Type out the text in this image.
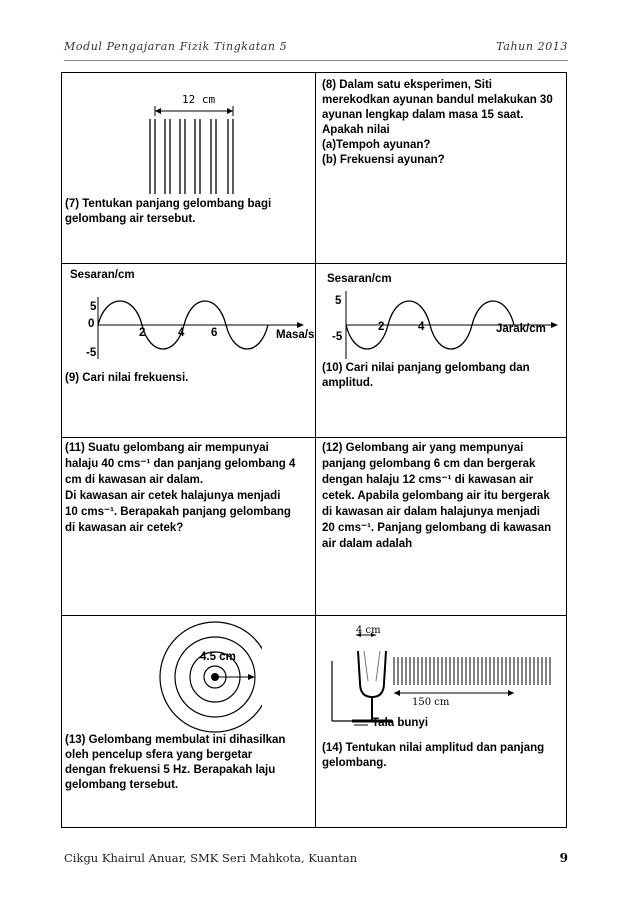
Modul Pengajaran Fizik Tingkatan 5	Tahun 2013
12 cm
(7) Tentukan panjang gelombang bagi
gelombang air tersebut.
(8) Dalam satu eksperimen, Siti
merekodkan ayunan bandul melakukan 30
ayunan lengkap dalam masa 15 saat.
Apakah nilai
(a)Tempoh ayunan?
(b) Frekuensi ayunan?
Sesaran/cm
5
0
-5
2	4 6	Masa/s
(9) Cari nilai frekuensi.
Sesaran/cm
5
-5
2	4	Jarak/cm
(10) Cari nilai panjang gelombang dan
amplitud.
(11) Suatu gelombang air mempunyai
halaju 40 cms⁻¹ dan panjang gelombang 4
cm di kawasan air dalam.
Di kawasan air cetek halajunya menjadi
10 cms⁻¹. Berapakah panjang gelombang
di kawasan air cetek?
(12) Gelombang air yang mempunyai
panjang gelombang 6 cm dan bergerak
dengan halaju 12 cms⁻¹ di kawasan air
cetek. Apabila gelombang air itu bergerak
di kawasan air dalam halajunya menjadi
20 cms⁻¹. Panjang gelombang di kawasan
air dalam adalah
4.5 cm
(13) Gelombang membulat ini dihasilkan
oleh pencelup sfera yang bergetar
dengan frekuensi 5 Hz. Berapakah laju
gelombang tersebut.
4 cm
150 cm
Tala bunyi
(14) Tentukan nilai amplitud dan panjang
gelombang.
Cikgu Khairul Anuar, SMK Seri Mahkota, Kuantan	9
